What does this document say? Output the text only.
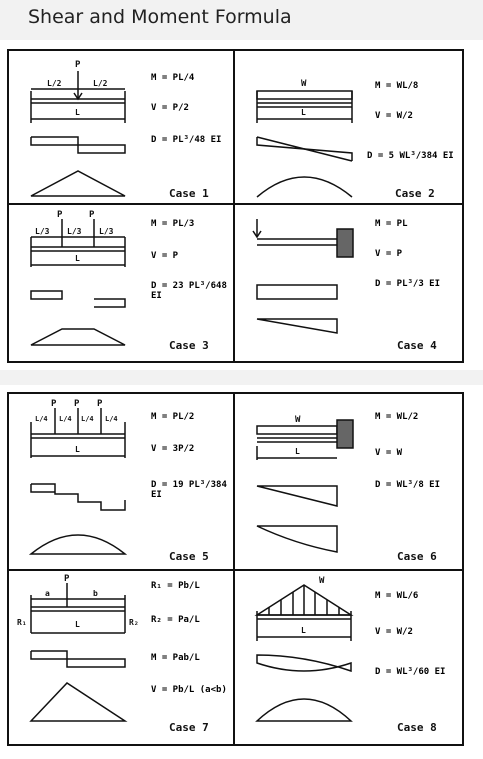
Shear and Moment Formula
P
L/2	L/2
L
M = PL/4
V = P/2
D = PL³/48 EI
Case 1
W
L
M = WL/8
V = W/2
D = 5 WL³/384 EI
Case 2
P	P
L/3 L/3 L/3
L
M = PL/3
V = P
D = 23 PL³/648 EI
Case 3
M = PL
V = P
D = PL³/3 EI
Case 4
P P P
L/4 L/4 L/4 L/4
L
M = PL/2
V = 3P/2
D = 19 PL³/384 EI
Case 5
W
L
M = WL/2
V = W
D = WL³/8 EI
Case 6
P
a	b
L
R₁	R₂
R₁ = Pb/L
R₂ = Pa/L
M = Pab/L
V = Pb/L (a<b)
Case 7
W
L
M = WL/6
V = W/2
D = WL³/60 EI
Case 8
